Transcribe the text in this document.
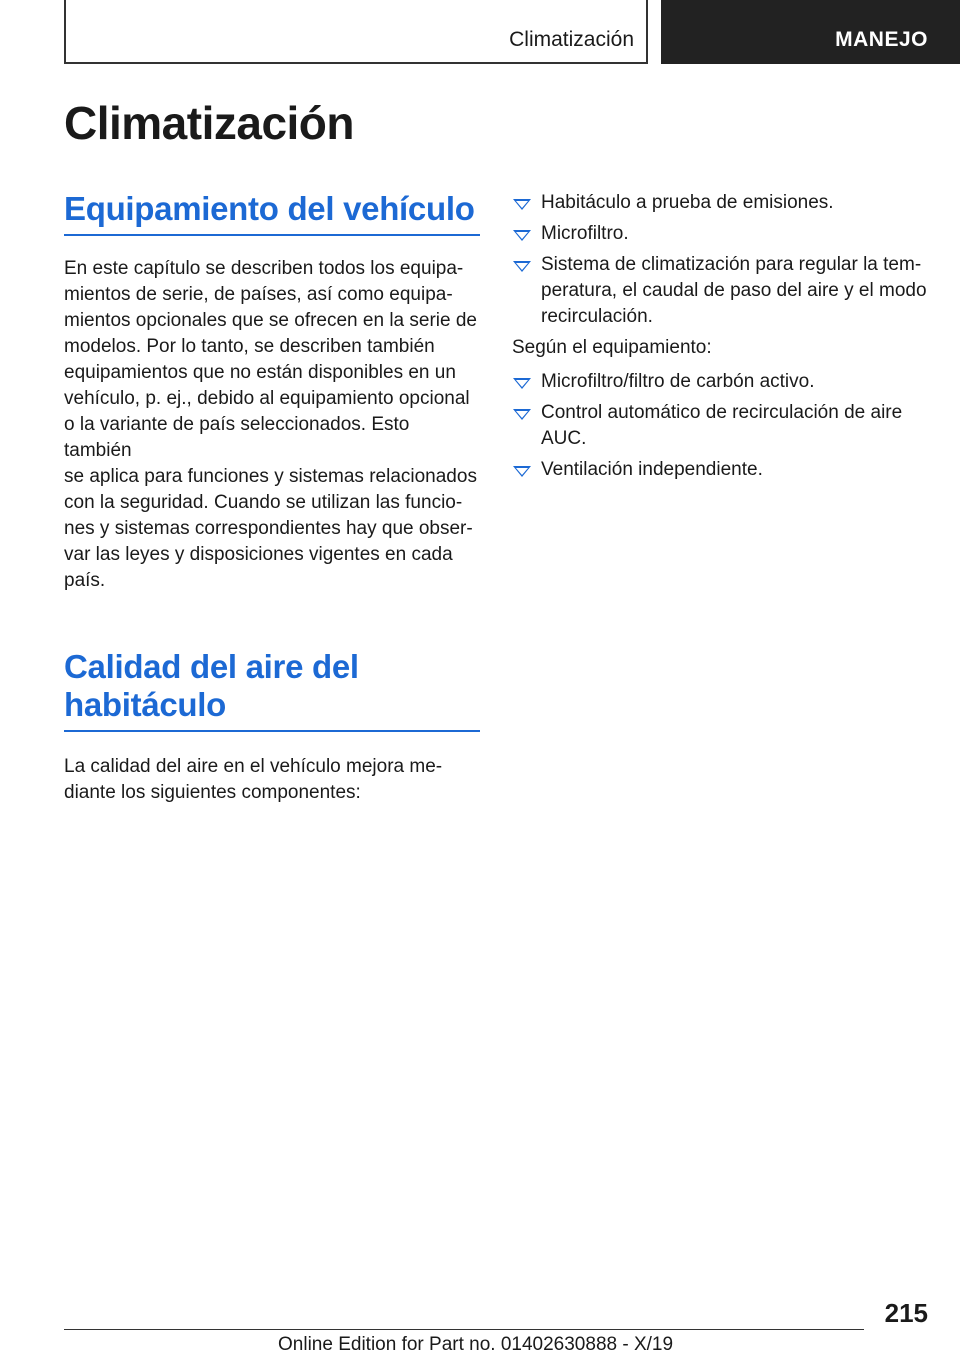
Climatización	MANEJO
Climatización
Equipamiento del vehículo

En este capítulo se describen todos los equipa-
mientos de serie, de países, así como equipa-
mientos opcionales que se ofrecen en la serie de
modelos. Por lo tanto, se describen también
equipamientos que no están disponibles en un
vehículo, p. ej., debido al equipamiento opcional
o la variante de país seleccionados. Esto también
se aplica para funciones y sistemas relacionados
con la seguridad. Cuando se utilizan las funcio-
nes y sistemas correspondientes hay que obser-
var las leyes y disposiciones vigentes en cada
país.

Calidad del aire del
habitáculo

La calidad del aire en el vehículo mejora me-
diante los siguientes componentes:

Habitáculo a prueba de emisiones.
Microfiltro.
Sistema de climatización para regular la tem-
peratura, el caudal de paso del aire y el modo
recirculación.

Según el equipamiento:

Microfiltro/filtro de carbón activo.
Control automático de recirculación de aire
AUC.
Ventilación independiente.
215
Online Edition for Part no. 01402630888 - X/19
